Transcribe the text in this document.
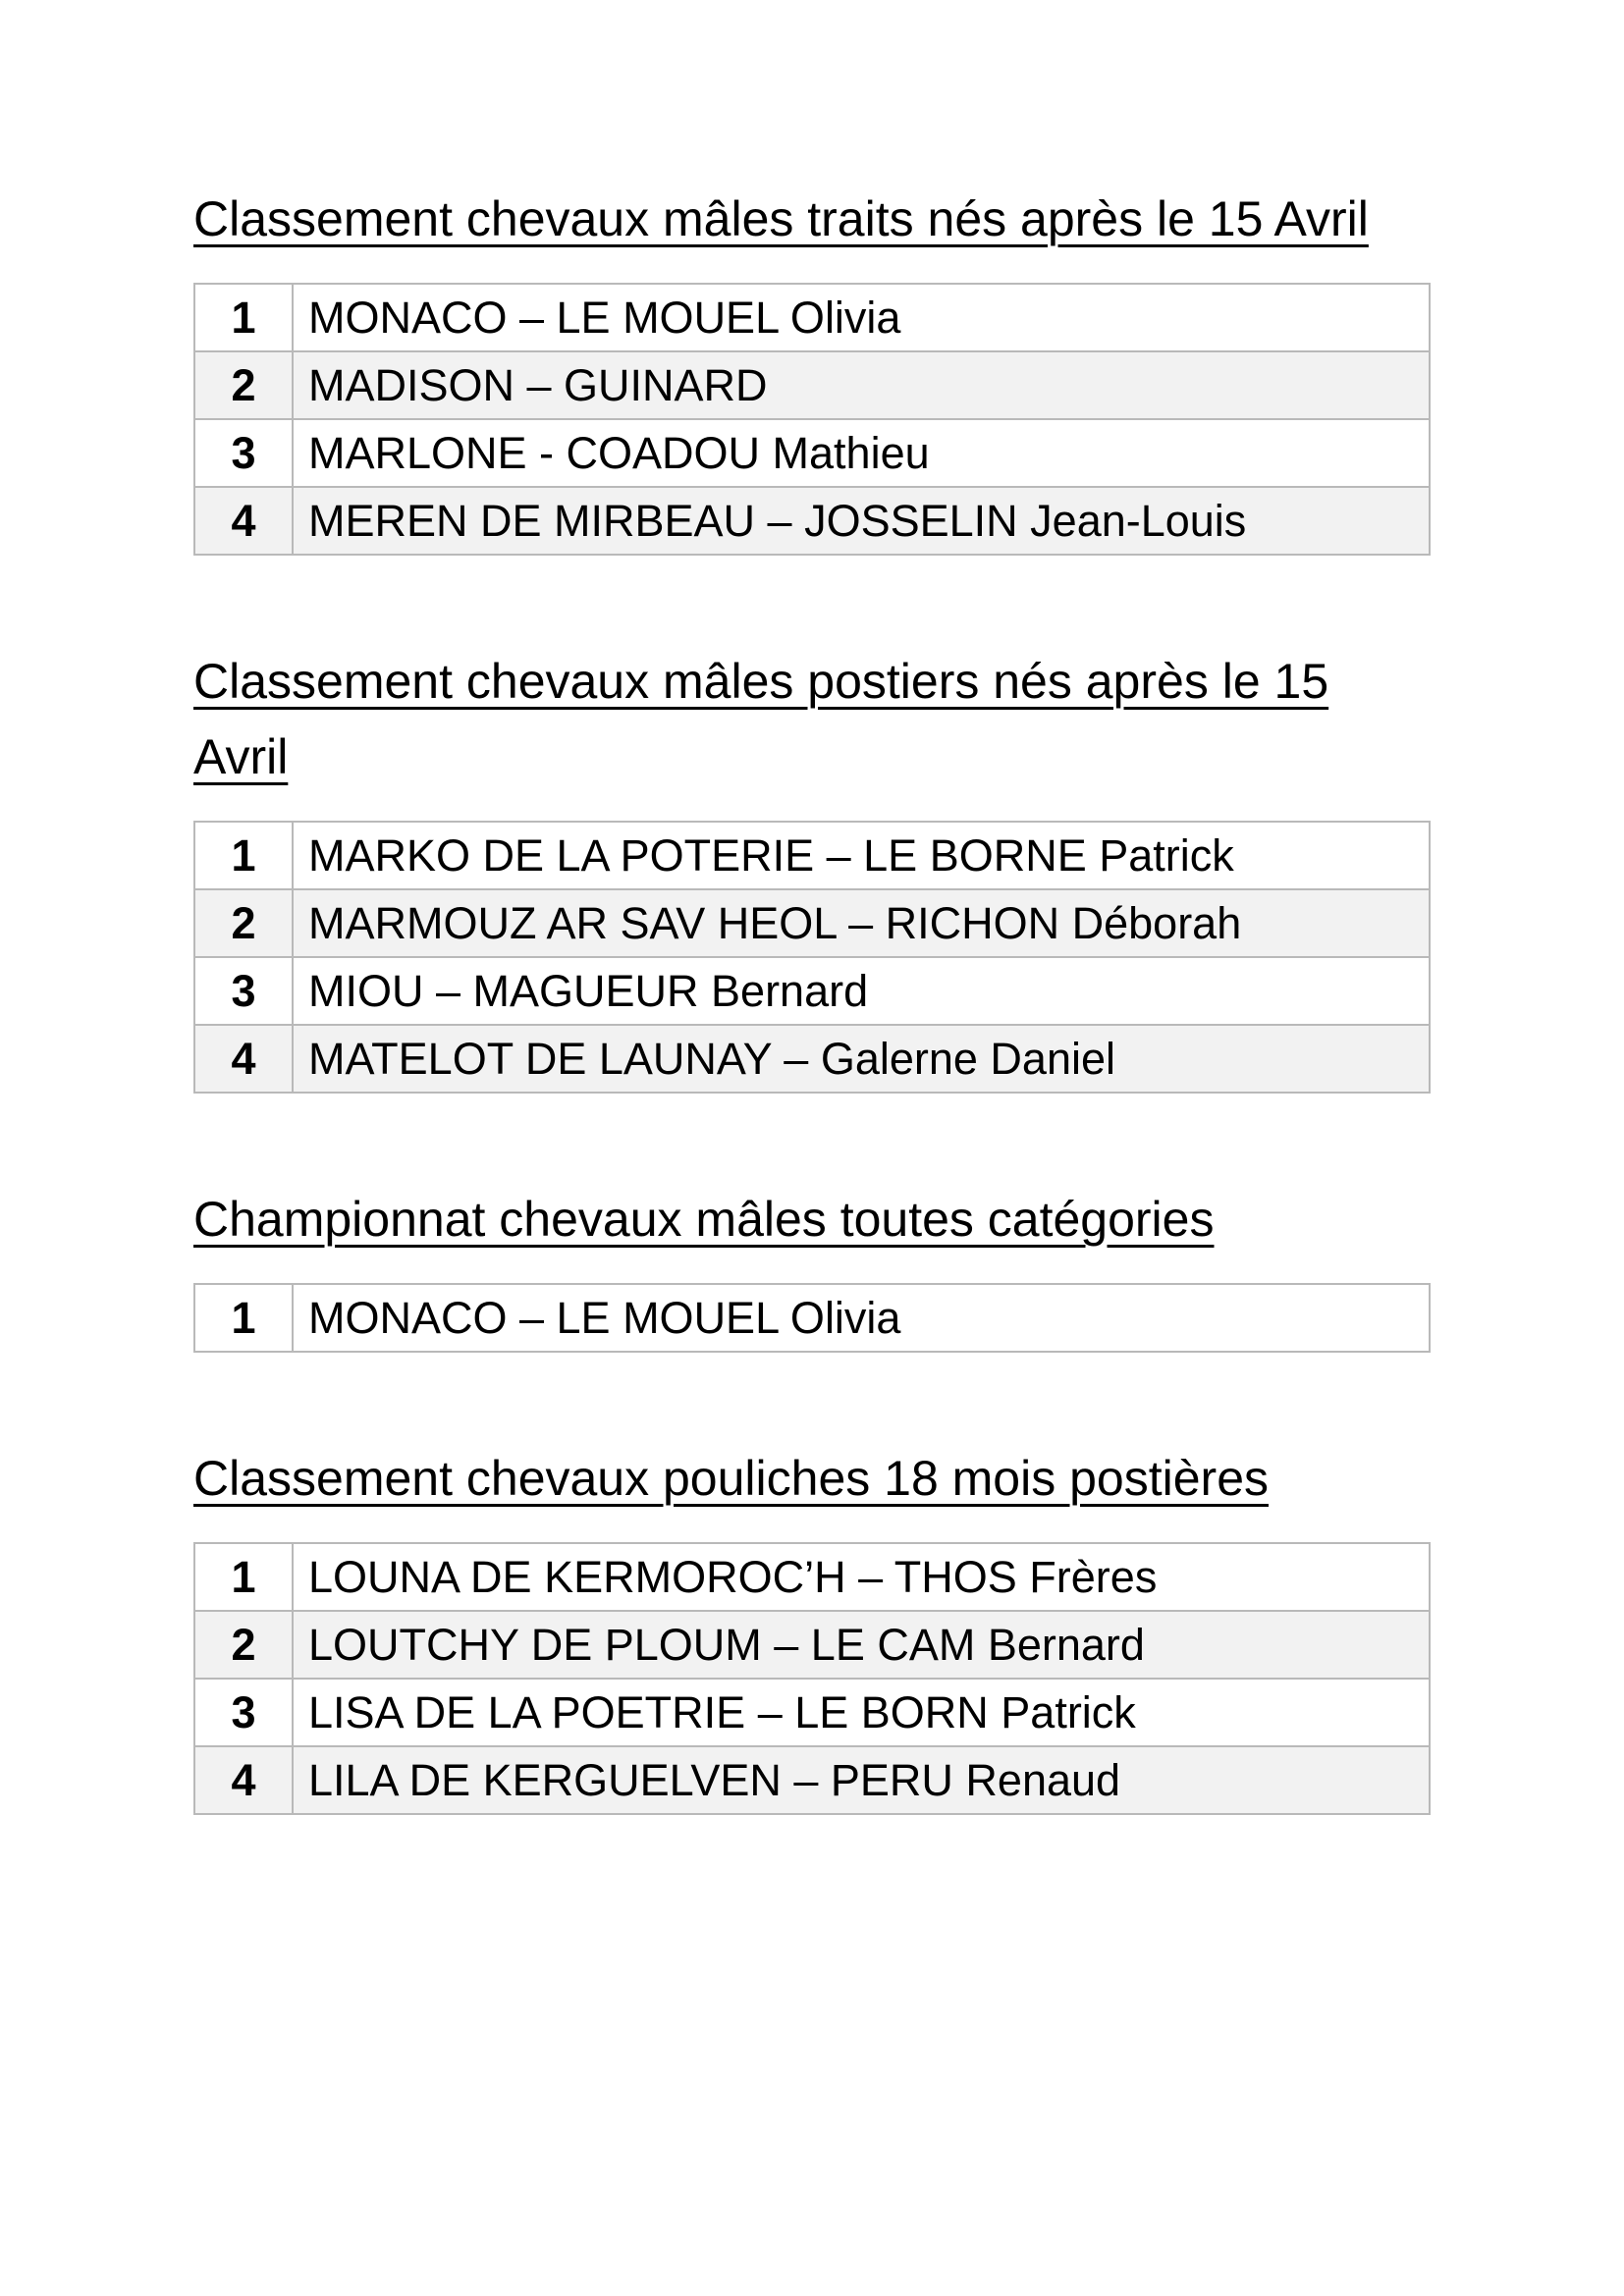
Classement chevaux mâles traits nés après le 15 Avril
1	MONACO – LE MOUEL Olivia
2	MADISON – GUINARD
3	MARLONE - COADOU Mathieu
4	MEREN DE MIRBEAU – JOSSELIN Jean-Louis
Classement chevaux mâles postiers nés après le 15 Avril
1	MARKO DE LA POTERIE – LE BORNE Patrick
2	MARMOUZ AR SAV HEOL – RICHON Déborah
3	MIOU – MAGUEUR Bernard
4	MATELOT DE LAUNAY – Galerne Daniel
Championnat chevaux mâles toutes catégories
1	MONACO – LE MOUEL Olivia
Classement chevaux pouliches 18 mois postières
1	LOUNA DE KERMOROC’H – THOS Frères
2	LOUTCHY DE PLOUM – LE CAM Bernard
3	LISA DE LA POETRIE – LE BORN Patrick
4	LILA DE KERGUELVEN – PERU Renaud
